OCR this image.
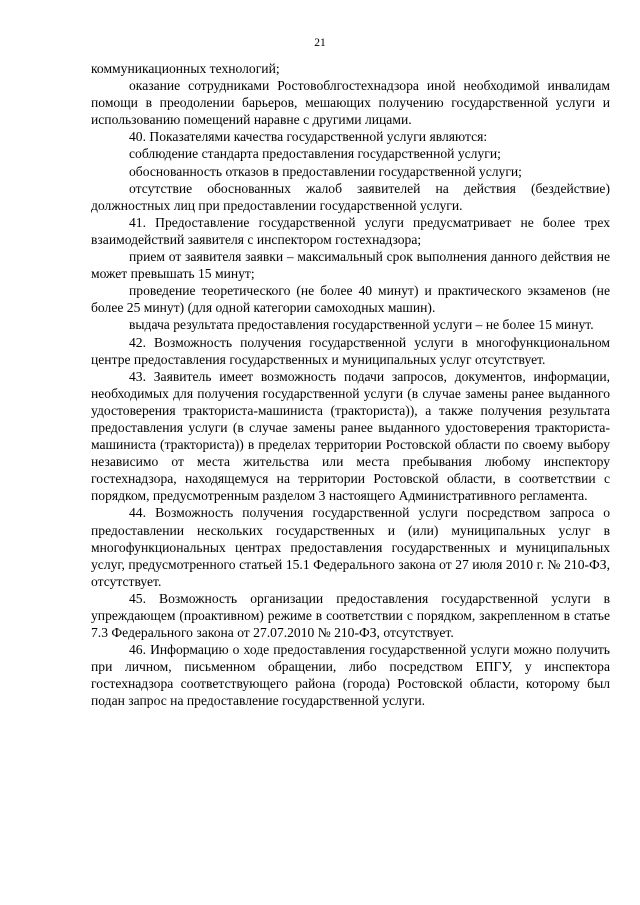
21

коммуникационных технологий;

оказание сотрудниками Ростовоблгостехнадзора иной необходимой инвалидам помощи в преодолении барьеров, мешающих получению государственной услуги и использованию помещений наравне с другими лицами.

40. Показателями качества государственной услуги являются:

соблюдение стандарта предоставления государственной услуги;

обоснованность отказов в предоставлении государственной услуги;

отсутствие обоснованных жалоб заявителей на действия (бездействие) должностных лиц при предоставлении государственной услуги.

41. Предоставление государственной услуги предусматривает не более трех взаимодействий заявителя с инспектором гостехнадзора;

прием от заявителя заявки – максимальный срок выполнения данного действия не может превышать 15 минут;

проведение теоретического (не более 40 минут) и практического экзаменов (не более 25 минут) (для одной категории самоходных машин).

выдача результата предоставления государственной услуги – не более 15 минут.

42. Возможность получения государственной услуги в многофункциональном центре предоставления государственных и муниципальных услуг отсутствует.

43. Заявитель имеет возможность подачи запросов, документов, информации, необходимых для получения государственной услуги (в случае замены ранее выданного удостоверения тракториста-машиниста (тракториста)), а также получения результата предоставления услуги (в случае замены ранее выданного удостоверения тракториста-машиниста (тракториста)) в пределах территории Ростовской области по своему выбору независимо от места жительства или места пребывания любому инспектору гостехнадзора, находящемуся на территории Ростовской области, в соответствии с порядком, предусмотренным разделом 3 настоящего Административного регламента.

44. Возможность получения государственной услуги посредством запроса о предоставлении нескольких государственных и (или) муниципальных услуг в многофункциональных центрах предоставления государственных и муниципальных услуг, предусмотренного статьей 15.1 Федерального закона от 27 июля 2010 г. № 210-ФЗ, отсутствует.

45. Возможность организации предоставления государственной услуги в упреждающем (проактивном) режиме в соответствии с порядком, закрепленном в статье 7.3 Федерального закона от 27.07.2010 № 210-ФЗ, отсутствует.

46. Информацию о ходе предоставления государственной услуги можно получить при личном, письменном обращении, либо посредством ЕПГУ, у инспектора гостехнадзора соответствующего района (города) Ростовской области, которому был подан запрос на предоставление государственной услуги.
